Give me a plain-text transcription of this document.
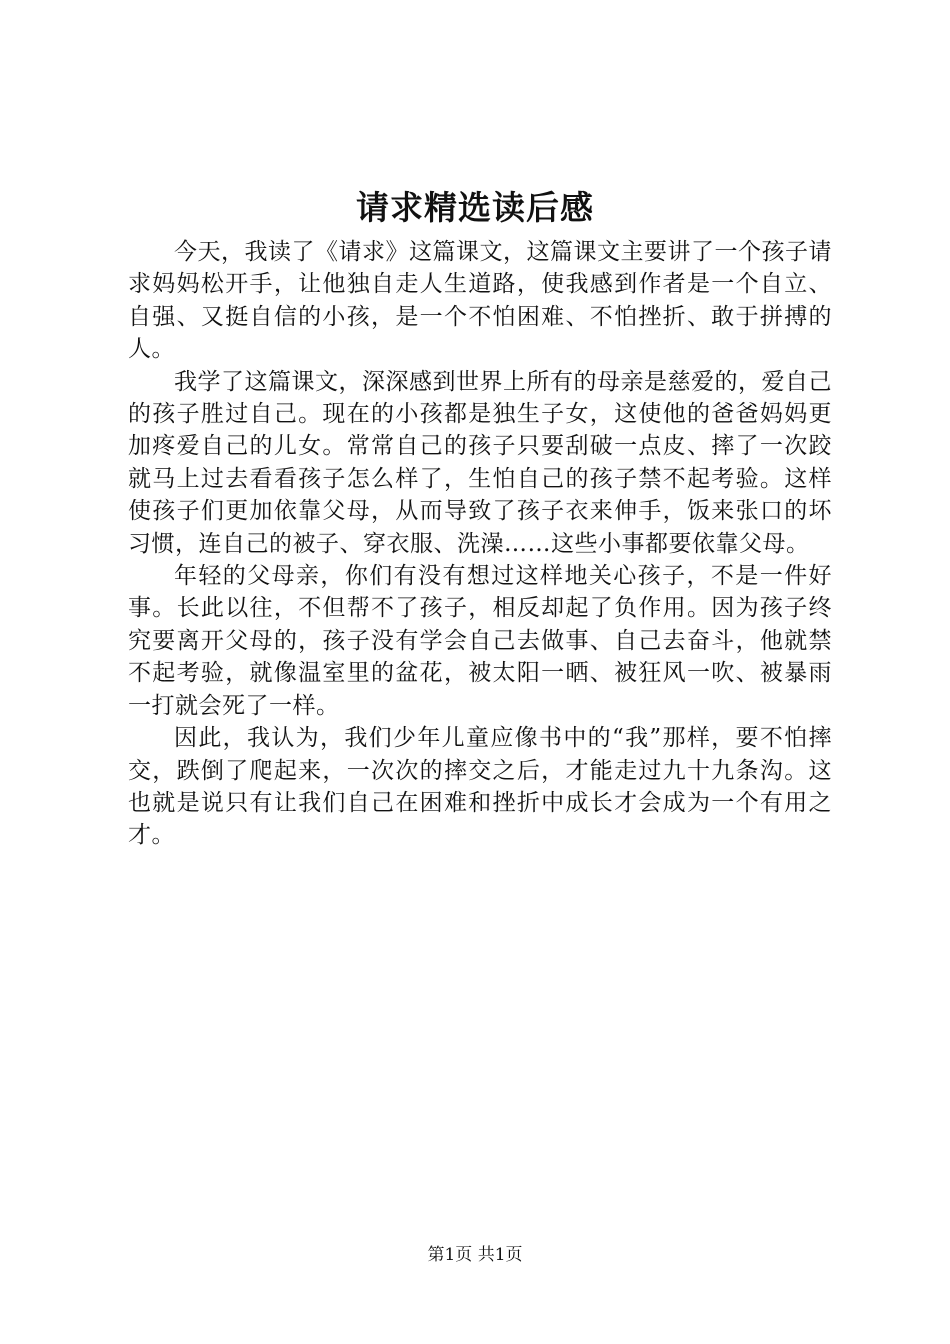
请求精选读后感

今天，我读了《请求》这篇课文，这篇课文主要讲了一个孩子请求妈妈松开手，让他独自走人生道路，使我感到作者是一个自立、自强、又挺自信的小孩，是一个不怕困难、不怕挫折、敢于拼搏的人。

我学了这篇课文，深深感到世界上所有的母亲是慈爱的，爱自己的孩子胜过自己。现在的小孩都是独生子女，这使他的爸爸妈妈更加疼爱自己的儿女。常常自己的孩子只要刮破一点皮、摔了一次跤就马上过去看看孩子怎么样了，生怕自己的孩子禁不起考验。这样使孩子们更加依靠父母，从而导致了孩子衣来伸手，饭来张口的坏习惯，连自己的被子、穿衣服、洗澡……这些小事都要依靠父母。

年轻的父母亲，你们有没有想过这样地关心孩子，不是一件好事。长此以往，不但帮不了孩子，相反却起了负作用。因为孩子终究要离开父母的，孩子没有学会自己去做事、自己去奋斗，他就禁不起考验，就像温室里的盆花，被太阳一晒、被狂风一吹、被暴雨一打就会死了一样。

因此，我认为，我们少年儿童应像书中的“我”那样，要不怕摔交，跌倒了爬起来，一次次的摔交之后，才能走过九十九条沟。这也就是说只有让我们自己在困难和挫折中成长才会成为一个有用之才。

第1页 共1页
